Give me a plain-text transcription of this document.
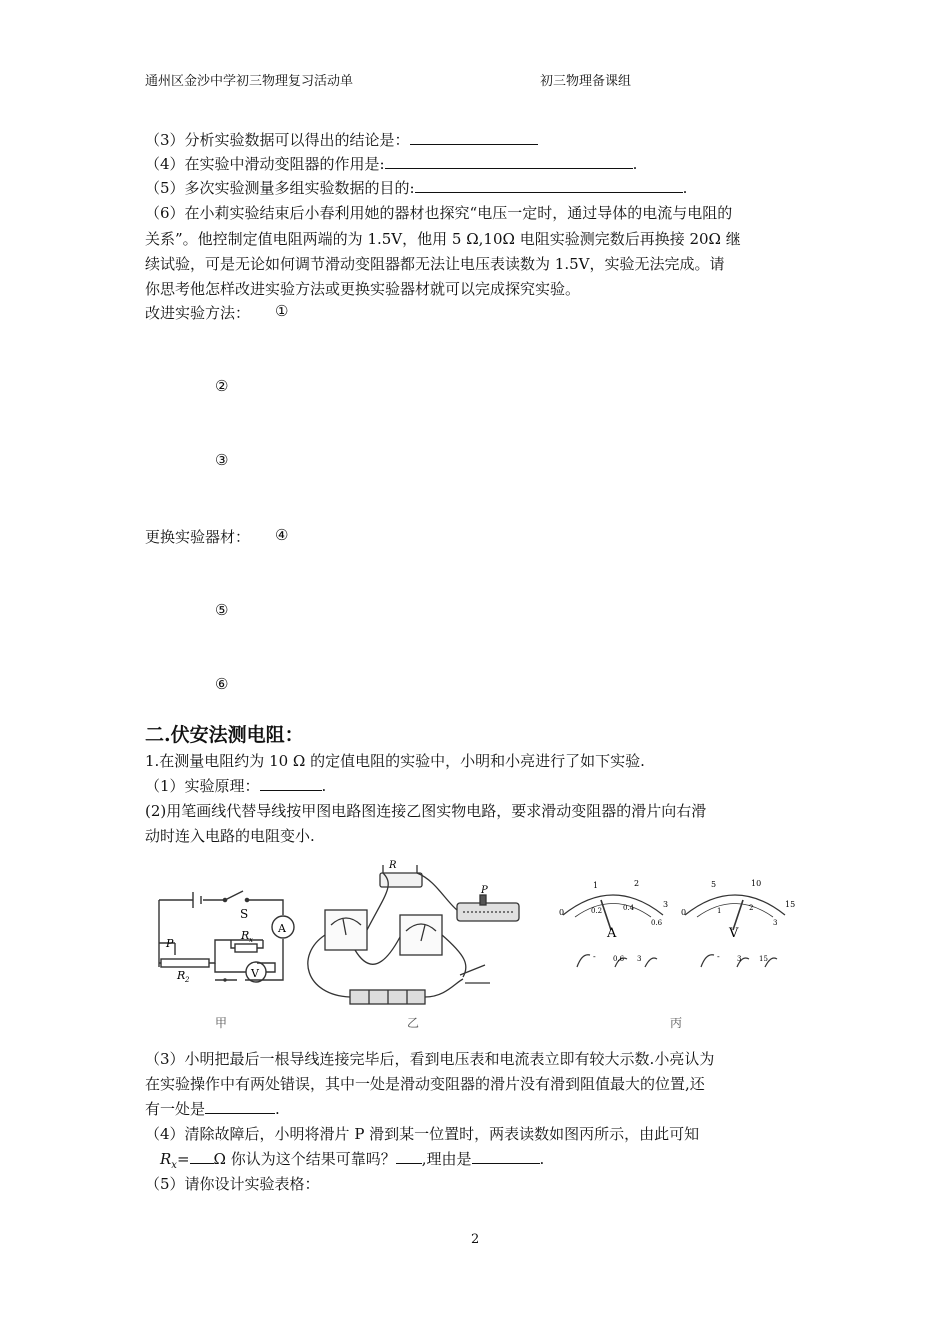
通州区金沙中学初三物理复习活动单	初三物理备课组
（3）分析实验数据可以得出的结论是：
（4）在实验中滑动变阻器的作用是:	.
（5）多次实验测量多组实验数据的目的:	.
（6）在小莉实验结束后小春利用她的器材也探究“电压一定时，通过导体的电流与电阻的
关系”。他控制定值电阻两端的为 1.5V，他用 5 Ω,10Ω 电阻实验测完数后再换接 20Ω 继
续试验，可是无论如何调节滑动变阻器都无法让电压表读数为 1.5V，实验无法完成。请
你思考他怎样改进实验方法或更换实验器材就可以完成探究实验。
改进实验方法： ①
②
③
更换实验器材： ④
⑤
⑥
二.伏安法测电阻：
1.在测量电阻约为 10 Ω 的定值电阻的实验中，小明和小亮进行了如下实验.
（1）实验原理：	.
(2)用笔画线代替导线按甲图电路图连接乙图实物电路，要求滑动变阻器的滑片向右滑
动时连入电路的电阻变小.
S
A
V
P
R x
R 2
甲
R
P
乙
0
1	2
3
0.2	0.4
0.6
A
- 0.6 3
0
5	10
15
1	2
3
V
- 3	15
丙
（3）小明把最后一根导线连接完毕后，看到电压表和电流表立即有较大示数.小亮认为
在实验操作中有两处错误，其中一处是滑动变阻器的滑片没有滑到阻值最大的位置,还
有一处是	.
（4）清除故障后，小明将滑片 P 滑到某一位置时，两表读数如图丙所示，由此可知
$R_x= \Omega$ 你认为这个结果可靠吗？ ,理由是	.
（5）请你设计实验表格：
2
